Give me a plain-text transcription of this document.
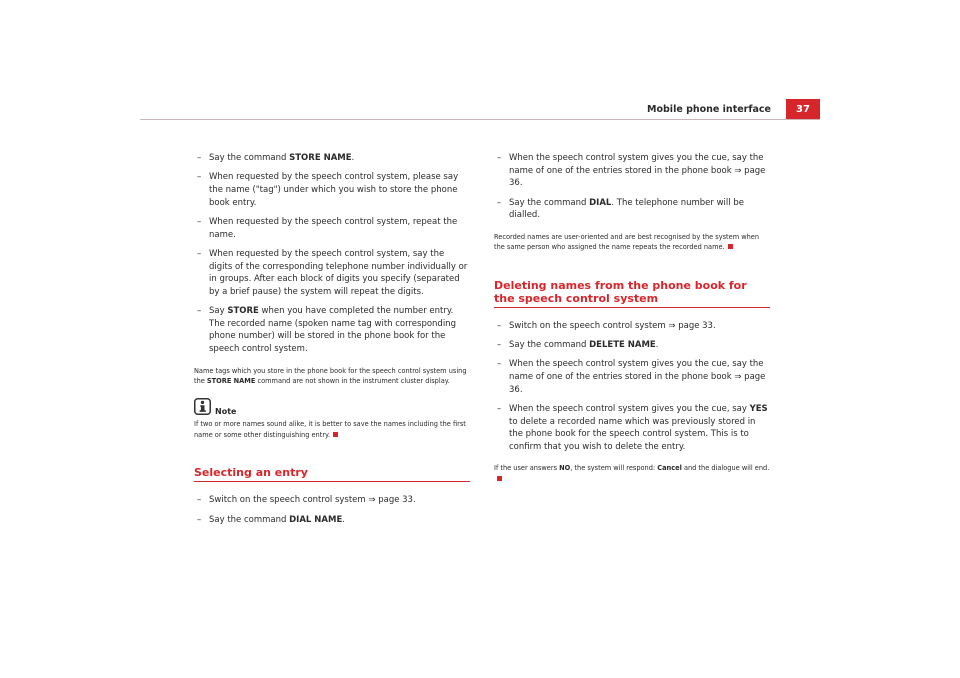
Mobile phone interface	37
– Say the command STORE NAME.
– When requested by the speech control system, please say the name ("tag") under which you wish to store the phone book entry.
– When requested by the speech control system, repeat the name.
– When requested by the speech control system, say the digits of the corresponding telephone number individually or in groups. After each block of digits you specify (separated by a brief pause) the system will repeat the digits.
– Say STORE when you have completed the number entry. The recorded name (spoken name tag with corresponding phone number) will be stored in the phone book for the speech control system.
Name tags which you store in the phone book for the speech control system using the STORE NAME command are not shown in the instrument cluster display.
Note
If two or more names sound alike, it is better to save the names including the first name or some other distinguishing entry.
Selecting an entry
– Switch on the speech control system ⇒ page 33.
– Say the command DIAL NAME.
– When the speech control system gives you the cue, say the name of one of the entries stored in the phone book ⇒ page 36.
– Say the command DIAL. The telephone number will be dialled.
Recorded names are user-oriented and are best recognised by the system when the same person who assigned the name repeats the recorded name.
Deleting names from the phone book for the speech control system
– Switch on the speech control system ⇒ page 33.
– Say the command DELETE NAME.
– When the speech control system gives you the cue, say the name of one of the entries stored in the phone book ⇒ page 36.
– When the speech control system gives you the cue, say YES to delete a recorded name which was previously stored in the phone book for the speech control system. This is to confirm that you wish to delete the entry.
If the user answers NO, the system will respond: Cancel and the dialogue will end.
